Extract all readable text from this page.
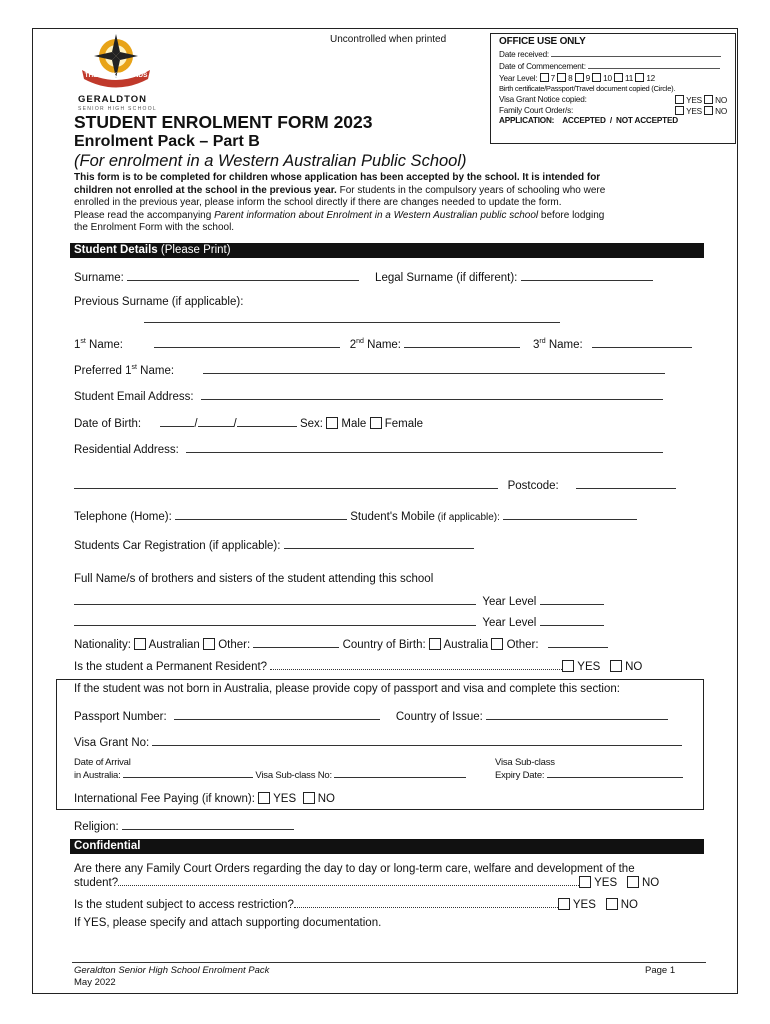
THE SEEKER FINDS
GERALDTON
SENIOR HIGH SCHOOL
Uncontrolled when printed	OFFICE USE ONLY
Date received:
Date of Commencement:
Year Level: 7 8 9 10 11 12
Birth certificate/Passport/Travel document copied (Circle).
Visa Grant Notice copied:	YES NO
Family Court Order/s:	YES NO
APPLICATION: ACCEPTED / NOT ACCEPTED
STUDENT ENROLMENT FORM 2023
Enrolment Pack – Part B
(For enrolment in a Western Australian Public School)
This form is to be completed for children whose application has been accepted by the school. It is intended for
children not enrolled at the school in the previous year. For students in the compulsory years of schooling who were
enrolled in the previous year, please inform the school directly if there are changes needed to update the form.
Please read the accompanying Parent information about Enrolment in a Western Australian public school before lodging
the Enrolment Form with the school.
Student Details (Please Print)
Surname:	Legal Surname (if different):
Previous Surname (if applicable):
1st Name:	2nd Name:	3rd Name:
Preferred 1st Name:
Student Email Address:
Date of Birth:	/	/	Sex: Male Female
Residential Address:
Postcode:
Telephone (Home):	Student's Mobile (if applicable):
Students Car Registration (if applicable):
Full Name/s of brothers and sisters of the student attending this school
Year Level
Year Level
Nationality: Australian Other:	Country of Birth: Australia Other:
Is the student a Permanent Resident?	YES NO
If the student was not born in Australia, please provide copy of passport and visa and complete this section:
Passport Number:	Country of Issue:
Visa Grant No:
Date of Arrival
in Australia:	Visa Sub-class No:
Visa Sub-class
Expiry Date:
International Fee Paying (if known): YES NO
Religion:
Confidential
Are there any Family Court Orders regarding the day to day or long-term care, welfare and development of the
student?	YES NO
Is the student subject to access restriction?	YES NO
If YES, please specify and attach supporting documentation.
Geraldton Senior High School Enrolment Pack
May 2022
Page 1
